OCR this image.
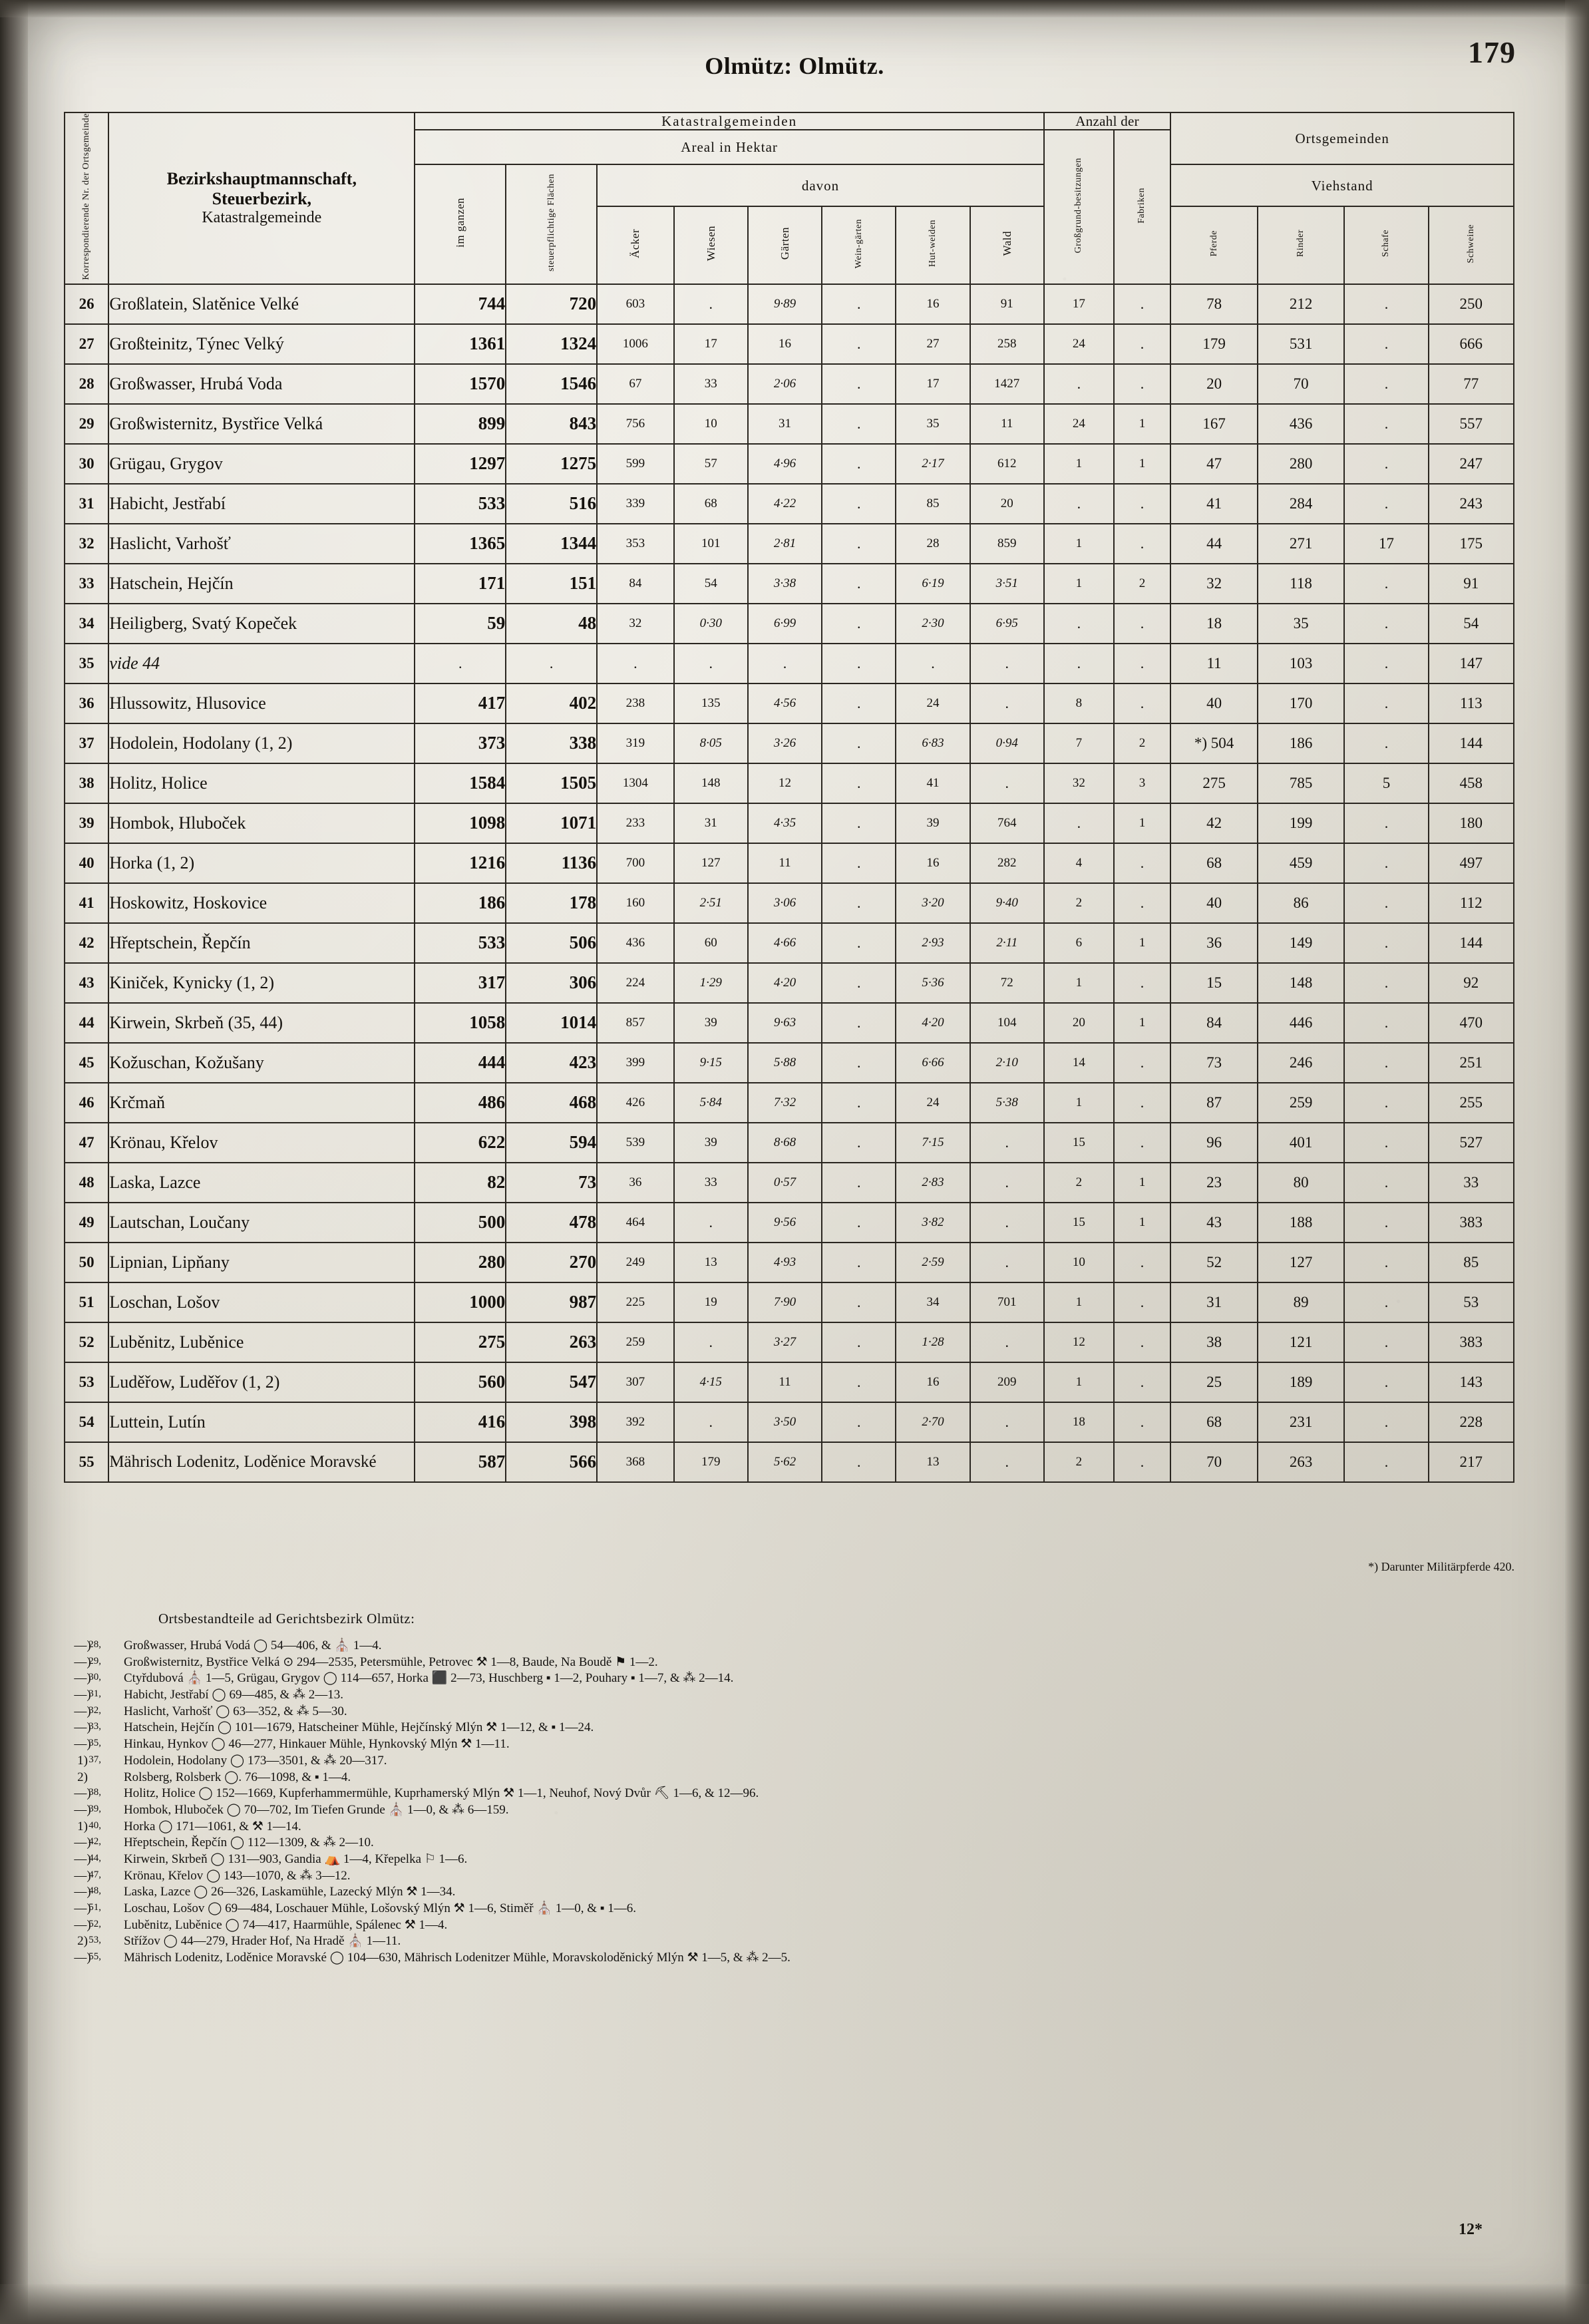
179
Olmütz: Olmütz.
Korrespondierende Nr. der Ortsgemeinde	Bezirkshauptmannschaft,
Steuerbezirk,
Katastralgemeinde	Katastralgemeinden								Anzahl der		Ortsgemeinden			
		Areal in Hektar								Großgrund-besitzungen	Fabriken				
		im ganzen	steuerpflichtige Flächen	davon								Viehstand			
				Äcker	Wiesen	Gärten	Wein-gärten	Hut-weiden	Wald			Pferde	Rinder	Schafe	Schweine
26	Großlatein, Slatěnice Velké	744	720	603	.	9·89	.	16	91	17	.	78	212	.	250
27	Großteinitz, Týnec Velký	1361	1324	1006	17	16	.	27	258	24	.	179	531	.	666
28	Großwasser, Hrubá Voda	1570	1546	67	33	2·06	.	17	1427	.	.	20	70	.	77
29	Großwisternitz, Bystřice Velká	899	843	756	10	31	.	35	11	24	1	167	436	.	557
30	Grügau, Grygov	1297	1275	599	57	4·96	.	2·17	612	1	1	47	280	.	247
31	Habicht, Jestřabí	533	516	339	68	4·22	.	85	20	.	.	41	284	.	243
32	Haslicht, Varhošť	1365	1344	353	101	2·81	.	28	859	1	.	44	271	17	175
33	Hatschein, Hejčín	171	151	84	54	3·38	.	6·19	3·51	1	2	32	118	.	91
34	Heiligberg, Svatý Kopeček	59	48	32	0·30	6·99	.	2·30	6·95	.	.	18	35	.	54
35	vide 44	.	.	.	.	.	.	.	.	.	.	11	103	.	147
36	Hlussowitz, Hlusovice	417	402	238	135	4·56	.	24	.	8	.	40	170	.	113
37	Hodolein, Hodolany (1, 2)	373	338	319	8·05	3·26	.	6·83	0·94	7	2	*) 504	186	.	144
38	Holitz, Holice	1584	1505	1304	148	12	.	41	.	32	3	275	785	5	458
39	Hombok, Hluboček	1098	1071	233	31	4·35	.	39	764	.	1	42	199	.	180
40	Horka (1, 2)	1216	1136	700	127	11	.	16	282	4	.	68	459	.	497
41	Hoskowitz, Hoskovice	186	178	160	2·51	3·06	.	3·20	9·40	2	.	40	86	.	112
42	Hřeptschein, Řepčín	533	506	436	60	4·66	.	2·93	2·11	6	1	36	149	.	144
43	Kiniček, Kynicky (1, 2)	317	306	224	1·29	4·20	.	5·36	72	1	.	15	148	.	92
44	Kirwein, Skrbeň (35, 44)	1058	1014	857	39	9·63	.	4·20	104	20	1	84	446	.	470
45	Kožuschan, Kožušany	444	423	399	9·15	5·88	.	6·66	2·10	14	.	73	246	.	251
46	Krčmaň	486	468	426	5·84	7·32	.	24	5·38	1	.	87	259	.	255
47	Krönau, Křelov	622	594	539	39	8·68	.	7·15	.	15	.	96	401	.	527
48	Laska, Lazce	82	73	36	33	0·57	.	2·83	.	2	1	23	80	.	33
49	Lautschan, Loučany	500	478	464	.	9·56	.	3·82	.	15	1	43	188	.	383
50	Lipnian, Lipňany	280	270	249	13	4·93	.	2·59	.	10	.	52	127	.	85
51	Loschan, Lošov	1000	987	225	19	7·90	.	34	701	1	.	31	89	.	53
52	Luběnitz, Luběnice	275	263	259	.	3·27	.	1·28	.	12	.	38	121	.	383
53	Luděřow, Luděřov (1, 2)	560	547	307	4·15	11	.	16	209	1	.	25	189	.	143
54	Luttein, Lutín	416	398	392	.	3·50	.	2·70	.	18	.	68	231	.	228
55	Mährisch Lodenitz, Loděnice Moravské	587	566	368	179	5·62	.	13	.	2	.	70	263	.	217
*) Darunter Militärpferde 420.
Ortsbestandteile ad Gerichtsbezirk Olmütz:
28,—)	Großwasser, Hrubá Vodá ◯ 54—406, & ⛪ 1—4.
29,—)	Großwisternitz, Bystřice Velká ⊙ 294—2535, Petersmühle, Petrovec ⚒ 1—8, Baude, Na Boudě ⚑ 1—2.
30,—)	Ctyřdubová ⛪ 1—5, Grügau, Grygov ◯ 114—657, Horka ⬛ 2—73, Huschberg ▪ 1—2, Pouhary ▪ 1—7, & ⁂ 2—14.
31,—)	Habicht, Jestřabí ◯ 69—485, & ⁂ 2—13.
32,—)	Haslicht, Varhošť ◯ 63—352, & ⁂ 5—30.
33,—)	Hatschein, Hejčín ◯ 101—1679, Hatscheiner Mühle, Hejčínský Mlýn ⚒ 1—12, & ▪ 1—24.
35,—)	Hinkau, Hynkov ◯ 46—277, Hinkauer Mühle, Hynkovský Mlýn ⚒ 1—11.
37,1)	Hodolein, Hodolany ◯ 173—3501, & ⁂ 20—317.
2)	Rolsberg, Rolsberk ◯. 76—1098, & ▪ 1—4.
38,—)	Holitz, Holice ◯ 152—1669, Kupferhammermühle, Kuprhamerský Mlýn ⚒ 1—1, Neuhof, Nový Dvůr ⛏ 1—6, & 12—96.
39,—)	Hombok, Hluboček ◯ 70—702, Im Tiefen Grunde ⛪ 1—0, & ⁂ 6—159.
40,1)	Horka ◯ 171—1061, & ⚒ 1—14.
42,—)	Hřeptschein, Řepčín ◯ 112—1309, & ⁂ 2—10.
44,—)	Kirwein, Skrbeň ◯ 131—903, Gandia ⛺ 1—4, Křepelka ⚐ 1—6.
47,—)	Krönau, Křelov ◯ 143—1070, & ⁂ 3—12.
48,—)	Laska, Lazce ◯ 26—326, Laskamühle, Lazecký Mlýn ⚒ 1—34.
51,—)	Loschau, Lošov ◯ 69—484, Loschauer Mühle, Lošovský Mlýn ⚒ 1—6, Stiměř ⛪ 1—0, & ▪ 1—6.
52,—)	Luběnitz, Luběnice ◯ 74—417, Haarmühle, Spálenec ⚒ 1—4.
53,2)	Střížov ◯ 44—279, Hrader Hof, Na Hradě ⛪ 1—11.
55,—)	Mährisch Lodenitz, Loděnice Moravské ◯ 104—630, Mährisch Lodenitzer Mühle, Moravskoloděnický Mlýn ⚒ 1—5, & ⁂ 2—5.
12*
